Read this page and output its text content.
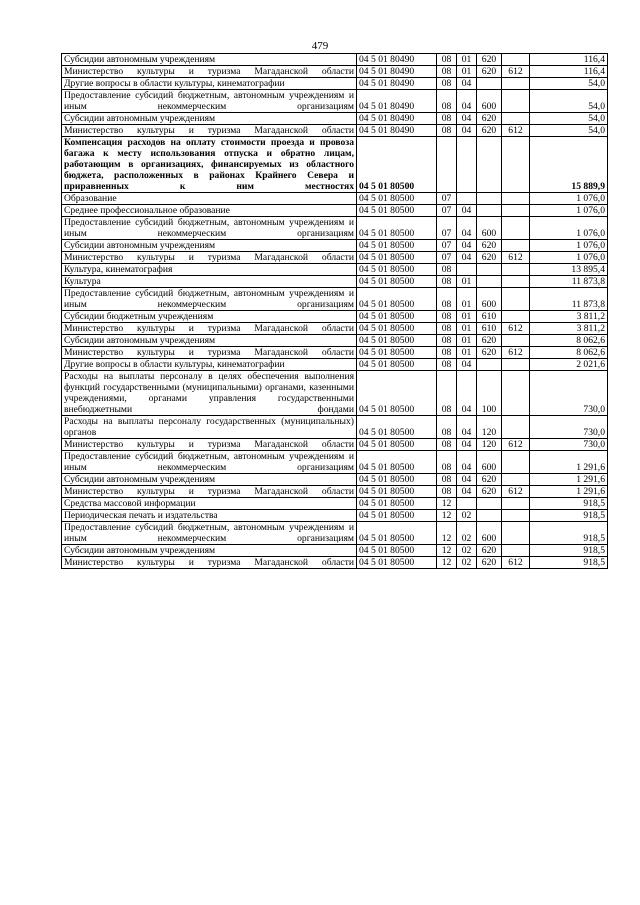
479
Субсидии автономным учреждениям	04 5 01 80490	08	01	620		116,4
Министерство культуры и туризма Магаданской области	04 5 01 80490	08	01	620	612	116,4
Другие вопросы в области культуры, кинематографии	04 5 01 80490	08	04			54,0
Предоставление субсидий бюджетным, автономным учреждениям и иным некоммерческим организациям	04 5 01 80490	08	04	600		54,0
Субсидии автономным учреждениям	04 5 01 80490	08	04	620		54,0
Министерство культуры и туризма Магаданской области	04 5 01 80490	08	04	620	612	54,0
Компенсация расходов на оплату стоимости проезда и провоза багажа к месту использования отпуска и обратно лицам, работающим в организациях, финансируемых из областного бюджета, расположенных в районах Крайнего Севера и приравненных к ним местностях	04 5 01 80500					15 889,9
Образование	04 5 01 80500	07				1 076,0
Среднее профессиональное образование	04 5 01 80500	07	04			1 076,0
Предоставление субсидий бюджетным, автономным учреждениям и иным некоммерческим организациям	04 5 01 80500	07	04	600		1 076,0
Субсидии автономным учреждениям	04 5 01 80500	07	04	620		1 076,0
Министерство культуры и туризма Магаданской области	04 5 01 80500	07	04	620	612	1 076,0
Культура, кинематография	04 5 01 80500	08				13 895,4
Культура	04 5 01 80500	08	01			11 873,8
Предоставление субсидий бюджетным, автономным учреждениям и иным некоммерческим организациям	04 5 01 80500	08	01	600		11 873,8
Субсидии бюджетным учреждениям	04 5 01 80500	08	01	610		3 811,2
Министерство культуры и туризма Магаданской области	04 5 01 80500	08	01	610	612	3 811,2
Субсидии автономным учреждениям	04 5 01 80500	08	01	620		8 062,6
Министерство культуры и туризма Магаданской области	04 5 01 80500	08	01	620	612	8 062,6
Другие вопросы в области культуры, кинематографии	04 5 01 80500	08	04			2 021,6
Расходы на выплаты персоналу в целях обеспечения выполнения функций государственными (муниципальными) органами, казенными учреждениями, органами управления государственными внебюджетными фондами	04 5 01 80500	08	04	100		730,0
Расходы на выплаты персоналу государственных (муниципальных) органов	04 5 01 80500	08	04	120		730,0
Министерство культуры и туризма Магаданской области	04 5 01 80500	08	04	120	612	730,0
Предоставление субсидий бюджетным, автономным учреждениям и иным некоммерческим организациям	04 5 01 80500	08	04	600		1 291,6
Субсидии автономным учреждениям	04 5 01 80500	08	04	620		1 291,6
Министерство культуры и туризма Магаданской области	04 5 01 80500	08	04	620	612	1 291,6
Средства массовой информации	04 5 01 80500	12				918,5
Периодическая печать и издательства	04 5 01 80500	12	02			918,5
Предоставление субсидий бюджетным, автономным учреждениям и иным некоммерческим организациям	04 5 01 80500	12	02	600		918,5
Субсидии автономным учреждениям	04 5 01 80500	12	02	620		918,5
Министерство культуры и туризма Магаданской области	04 5 01 80500	12	02	620	612	918,5
